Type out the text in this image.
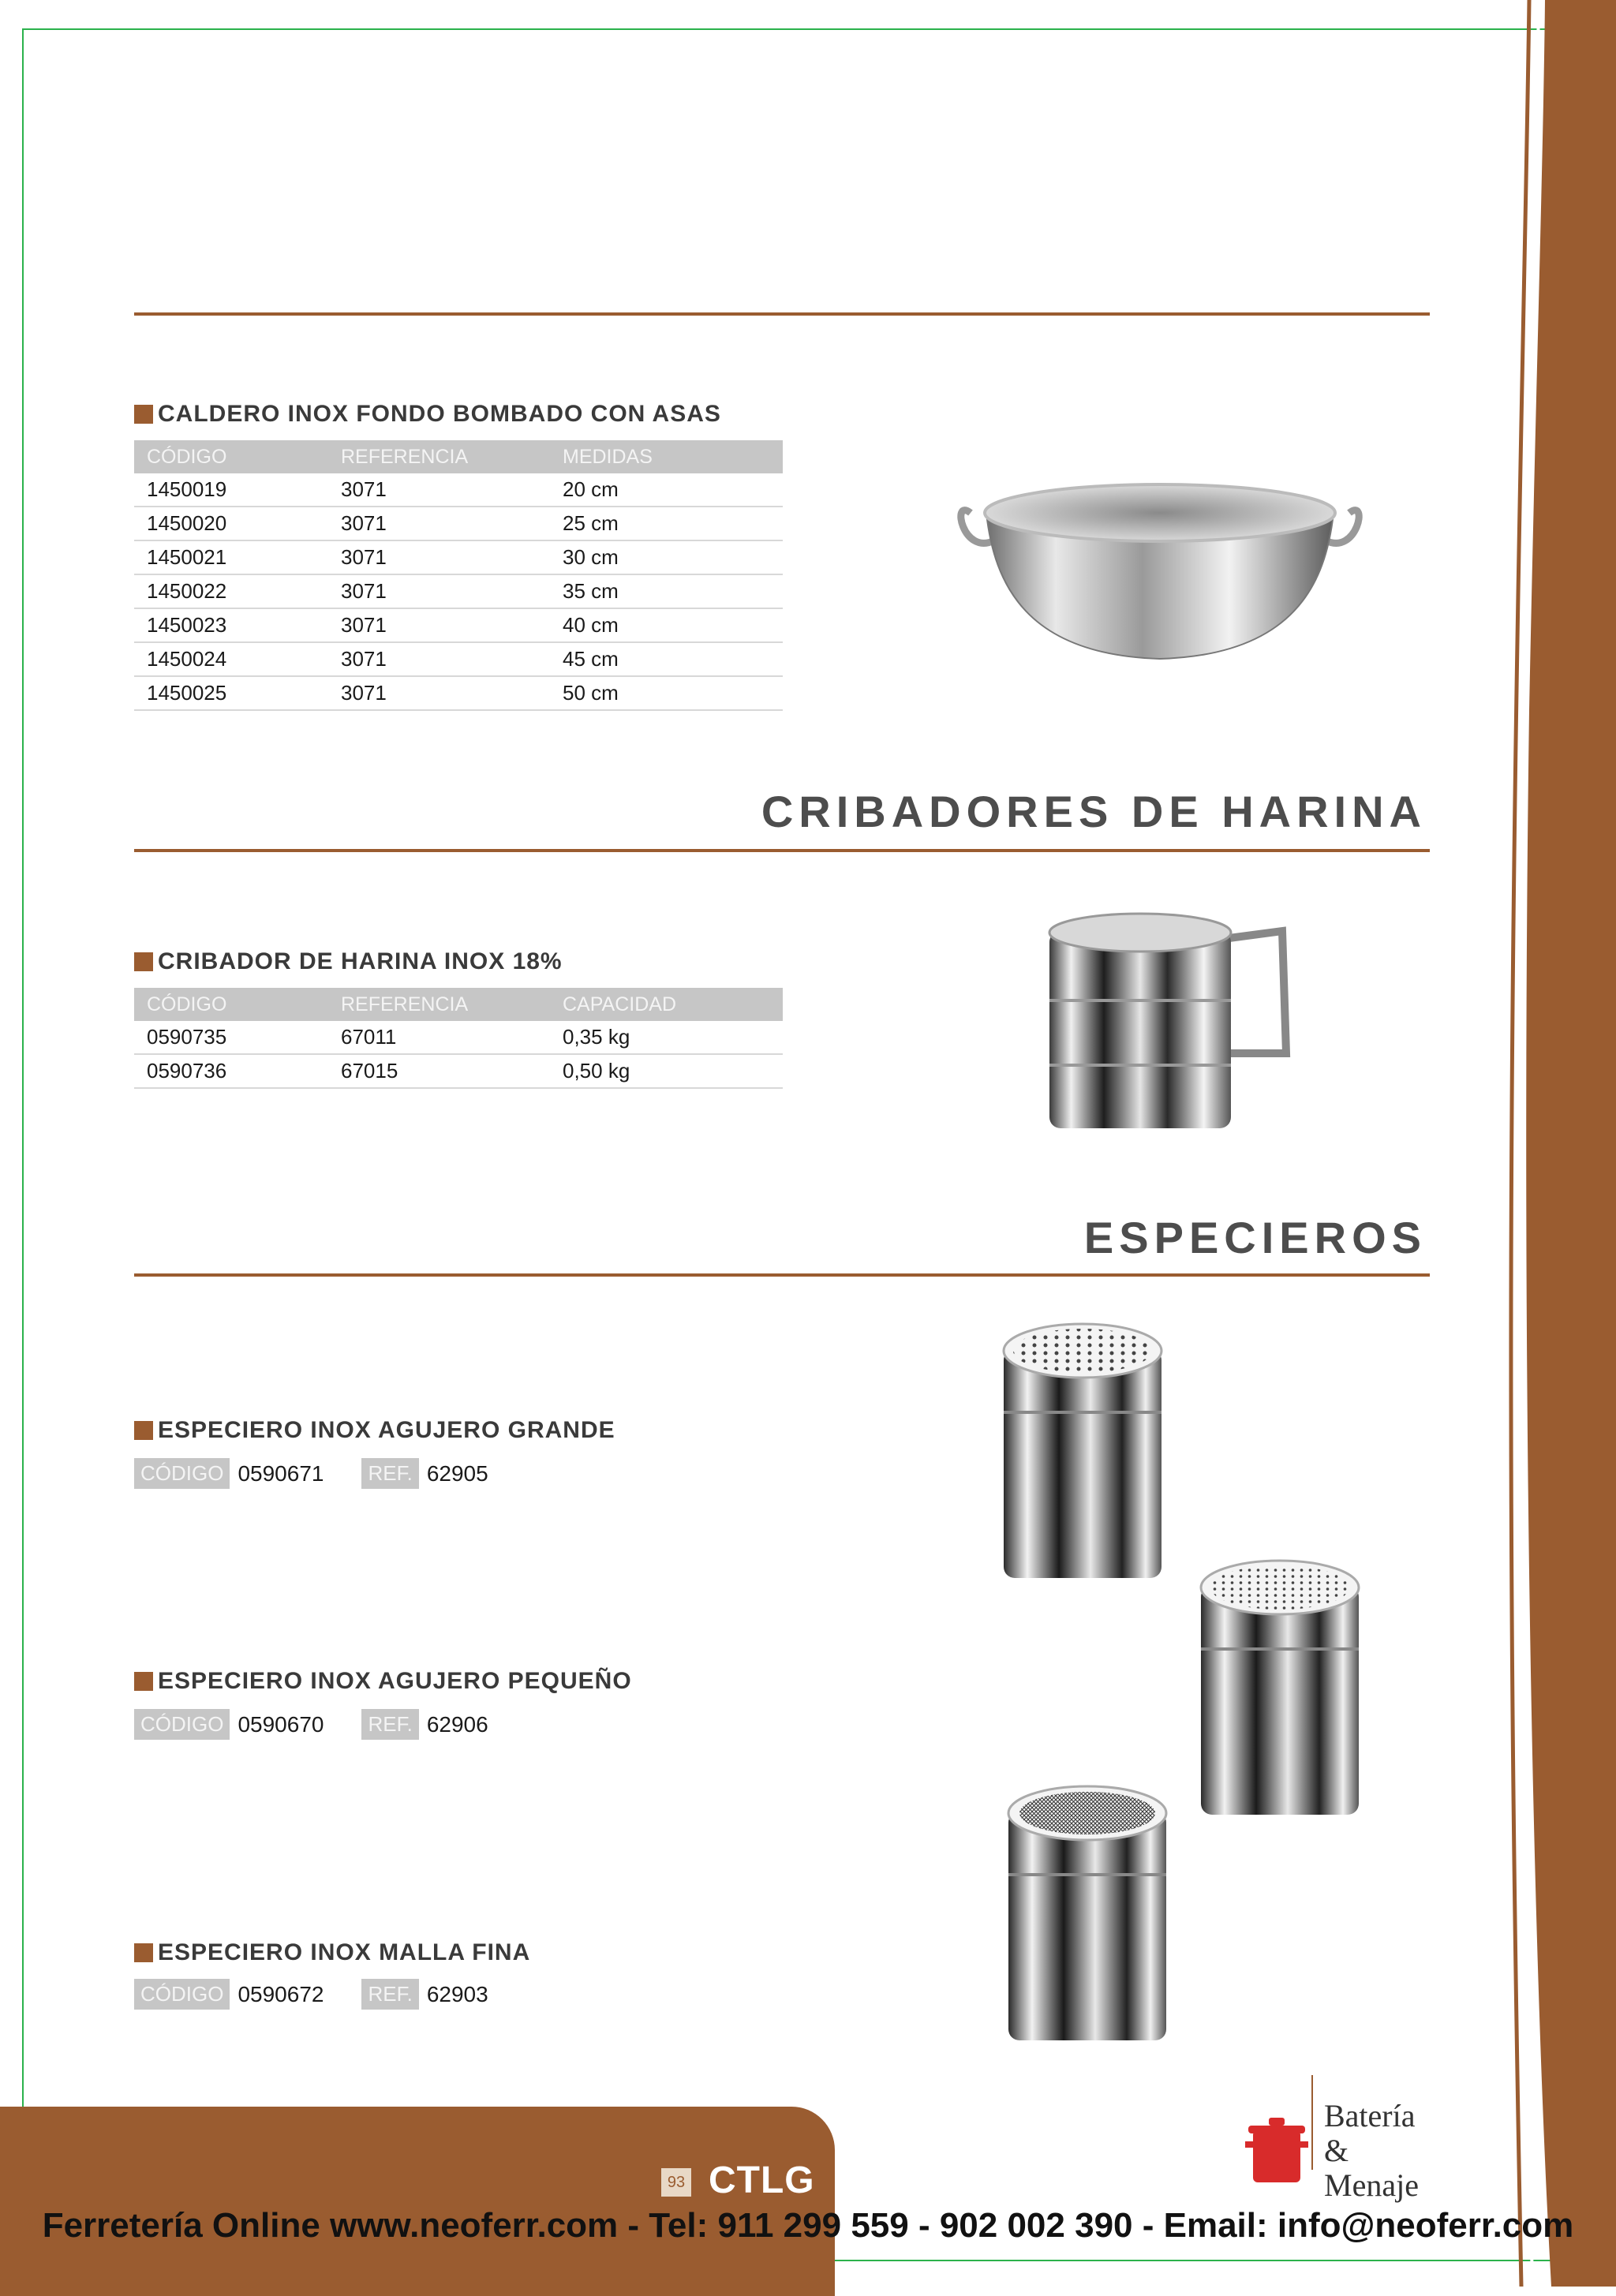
CALDERO INOX FONDO BOMBADO CON ASAS
CÓDIGO	REFERENCIA	MEDIDAS
1450019	3071	20 cm
1450020	3071	25 cm
1450021	3071	30 cm
1450022	3071	35 cm
1450023	3071	40 cm
1450024	3071	45 cm
1450025	3071	50 cm
CRIBADORES DE HARINA
CRIBADOR DE HARINA INOX 18%
CÓDIGO	REFERENCIA	CAPACIDAD
0590735	67011	0,35 kg
0590736	67015	0,50 kg
ESPECIEROS
ESPECIERO INOX AGUJERO GRANDE
CÓDIGO 0590671	REF. 62905
ESPECIERO INOX AGUJERO PEQUEÑO
CÓDIGO 0590670	REF. 62906
ESPECIERO INOX MALLA FINA
CÓDIGO 0590672	REF. 62903
93 CTLG
Batería
&
Menaje
Ferretería Online www.neoferr.com - Tel: 911 299 559 - 902 002 390 - Email: info@neoferr.com
